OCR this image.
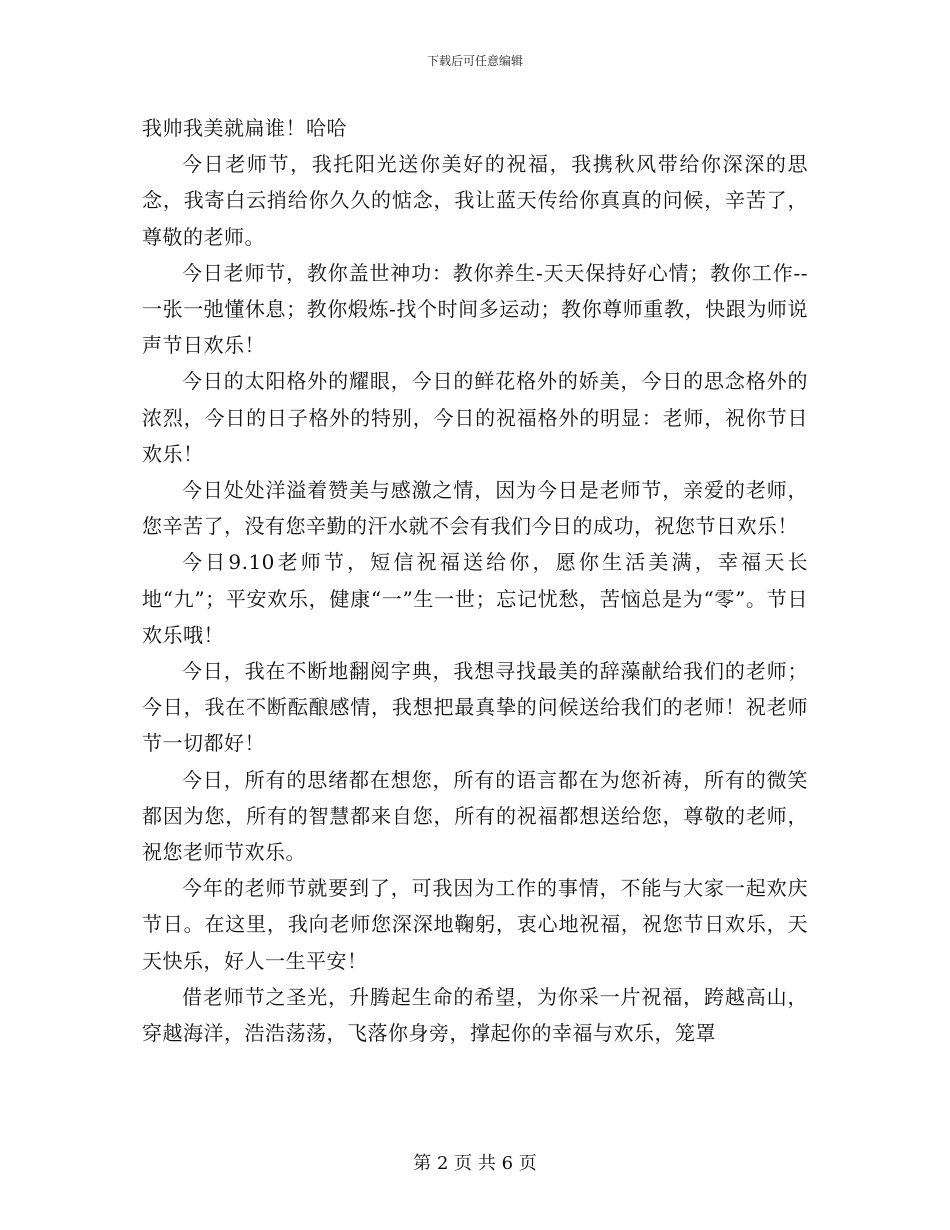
下载后可任意编辑

我帅我美就扁谁！哈哈

今日老师节，我托阳光送你美好的祝福，我携秋风带给你深深的思念，我寄白云捎给你久久的惦念，我让蓝天传给你真真的问候，辛苦了，尊敬的老师。

今日老师节，教你盖世神功：教你养生-天天保持好心情；教你工作--一张一弛懂休息；教你煅炼-找个时间多运动；教你尊师重教，快跟为师说声节日欢乐！

今日的太阳格外的耀眼，今日的鲜花格外的娇美，今日的思念格外的浓烈，今日的日子格外的特别，今日的祝福格外的明显：老师，祝你节日欢乐！

今日处处洋溢着赞美与感激之情，因为今日是老师节，亲爱的老师，您辛苦了，没有您辛勤的汗水就不会有我们今日的成功，祝您节日欢乐！

今日9.10老师节，短信祝福送给你，愿你生活美满，幸福天长地“九”；平安欢乐，健康“一”生一世；忘记忧愁，苦恼总是为“零”。节日欢乐哦！

今日，我在不断地翻阅字典，我想寻找最美的辞藻献给我们的老师；今日，我在不断酝酿感情，我想把最真挚的问候送给我们的老师！祝老师节一切都好！

今日，所有的思绪都在想您，所有的语言都在为您祈祷，所有的微笑都因为您，所有的智慧都来自您，所有的祝福都想送给您，尊敬的老师，祝您老师节欢乐。

今年的老师节就要到了，可我因为工作的事情，不能与大家一起欢庆节日。在这里，我向老师您深深地鞠躬，衷心地祝福，祝您节日欢乐，天天快乐，好人一生平安！

借老师节之圣光，升腾起生命的希望，为你采一片祝福，跨越高山，穿越海洋，浩浩荡荡，飞落你身旁，撑起你的幸福与欢乐，笼罩

第 2 页 共 6 页
